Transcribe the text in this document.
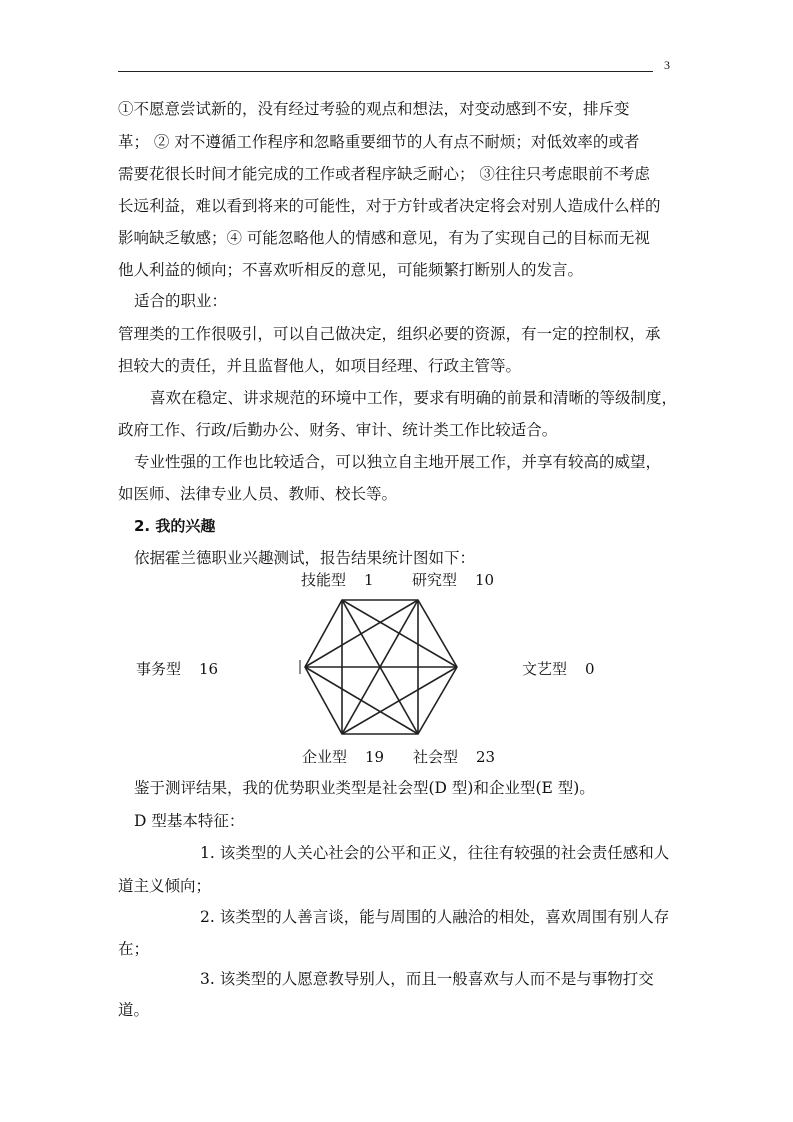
3
①不愿意尝试新的，没有经过考验的观点和想法，对变动感到不安，排斥变
革； ② 对不遵循工作程序和忽略重要细节的人有点不耐烦；对低效率的或者
需要花很长时间才能完成的工作或者程序缺乏耐心； ③往往只考虑眼前不考虑
长远利益，难以看到将来的可能性，对于方针或者决定将会对别人造成什么样的
影响缺乏敏感；④ 可能忽略他人的情感和意见，有为了实现自己的目标而无视
他人利益的倾向；不喜欢听相反的意见，可能频繁打断别人的发言。
适合的职业：
管理类的工作很吸引，可以自己做决定，组织必要的资源，有一定的控制权，承
担较大的责任，并且监督他人，如项目经理、行政主管等。
喜欢在稳定、讲求规范的环境中工作，要求有明确的前景和清晰的等级制度，
政府工作、行政/后勤办公、财务、审计、统计类工作比较适合。
专业性强的工作也比较适合，可以独立自主地开展工作，并享有较高的威望，
如医师、法律专业人员、教师、校长等。
2. 我的兴趣
依据霍兰德职业兴趣测试，报告结果统计图如下：
技能型 1	研究型 10
事务型 16	文艺型 0
企业型 19 社会型 23
鉴于测评结果，我的优势职业类型是社会型(D 型)和企业型(E 型)。
D 型基本特征：
1. 该类型的人关心社会的公平和正义，往往有较强的社会责任感和人
道主义倾向；
2. 该类型的人善言谈，能与周围的人融洽的相处，喜欢周围有别人存
在；
3. 该类型的人愿意教导别人，而且一般喜欢与人而不是与事物打交
道。
